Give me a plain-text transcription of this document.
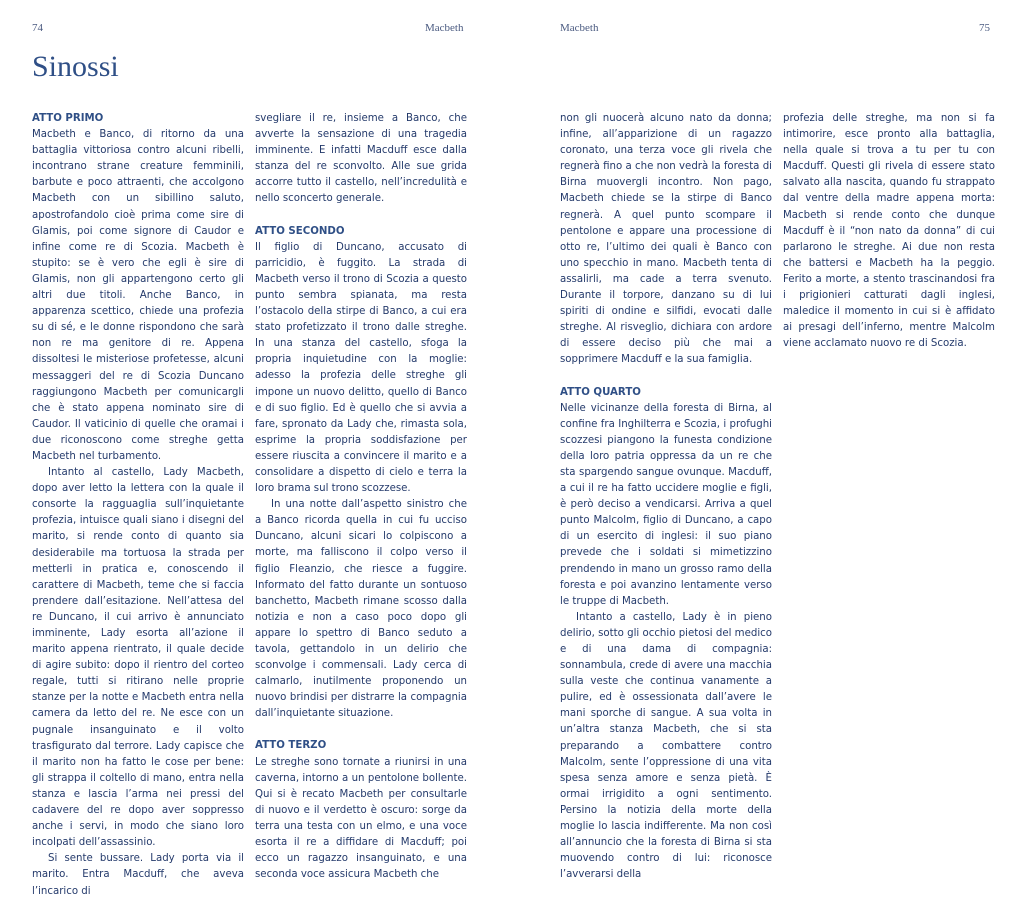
74	Macbeth	Macbeth	75
Sinossi
ATTO PRIMO

Macbeth e Banco, di ritorno da una battaglia vittoriosa contro alcuni ribelli, incontrano strane creature femminili, barbute e poco attraenti, che accolgono Macbeth con un sibillino saluto, apostrofandolo cioè prima come sire di Glamis, poi come signore di Caudor e infine come re di Scozia. Macbeth è stupito: se è vero che egli è sire di Glamis, non gli appartengono certo gli altri due titoli. Anche Banco, in apparenza scettico, chiede una profezia su di sé, e le donne rispondono che sarà non re ma genitore di re. Appena dissoltesi le misteriose profetesse, alcuni messaggeri del re di Scozia Duncano raggiungono Macbeth per comunicargli che è stato appena nominato sire di Caudor. Il vaticinio di quelle che oramai i due riconoscono come streghe getta Macbeth nel turbamento.

Intanto al castello, Lady Macbeth, dopo aver letto la lettera con la quale il consorte la ragguaglia sull’inquietante profezia, intuisce quali siano i disegni del marito, si rende conto di quanto sia desiderabile ma tortuosa la strada per metterli in pratica e, conoscendo il carattere di Macbeth, teme che si faccia prendere dall’esitazione. Nell’attesa del re Duncano, il cui arrivo è annunciato imminente, Lady esorta all’azione il marito appena rientrato, il quale decide di agire subito: dopo il rientro del corteo regale, tutti si ritirano nelle proprie stanze per la notte e Macbeth entra nella camera da letto del re. Ne esce con un pugnale insanguinato e il volto trasfigurato dal terrore. Lady capisce che il marito non ha fatto le cose per bene: gli strappa il coltello di mano, entra nella stanza e lascia l’arma nei pressi del cadavere del re dopo aver soppresso anche i servi, in modo che siano loro incolpati dell’assassinio.

Si sente bussare. Lady porta via il marito. Entra Macduff, che aveva l’incarico di

svegliare il re, insieme a Banco, che avverte la sensazione di una tragedia imminente. E infatti Macduff esce dalla stanza del re sconvolto. Alle sue grida accorre tutto il castello, nell’incredulità e nello sconcerto generale.

ATTO SECONDO

Il figlio di Duncano, accusato di parricidio, è fuggito. La strada di Macbeth verso il trono di Scozia a questo punto sembra spianata, ma resta l’ostacolo della stirpe di Banco, a cui era stato profetizzato il trono dalle streghe. In una stanza del castello, sfoga la propria inquietudine con la moglie: adesso la profezia delle streghe gli impone un nuovo delitto, quello di Banco e di suo figlio. Ed è quello che si avvia a fare, spronato da Lady che, rimasta sola, esprime la propria soddisfazione per essere riuscita a convincere il marito e a consolidare a dispetto di cielo e terra la loro brama sul trono scozzese.

In una notte dall’aspetto sinistro che a Banco ricorda quella in cui fu ucciso Duncano, alcuni sicari lo colpiscono a morte, ma falliscono il colpo verso il figlio Fleanzio, che riesce a fuggire. Informato del fatto durante un sontuoso banchetto, Macbeth rimane scosso dalla notizia e non a caso poco dopo gli appare lo spettro di Banco seduto a tavola, gettandolo in un delirio che sconvolge i commensali. Lady cerca di calmarlo, inutilmente proponendo un nuovo brindisi per distrarre la compagnia dall’inquietante situazione.

ATTO TERZO

Le streghe sono tornate a riunirsi in una caverna, intorno a un pentolone bollente. Qui si è recato Macbeth per consultarle di nuovo e il verdetto è oscuro: sorge da terra una testa con un elmo, e una voce esorta il re a diffidare di Macduff; poi ecco un ragazzo insanguinato, e una seconda voce assicura Macbeth che

non gli nuocerà alcuno nato da donna; infine, all’apparizione di un ragazzo coronato, una terza voce gli rivela che regnerà fino a che non vedrà la foresta di Birna muovergli incontro. Non pago, Macbeth chiede se la stirpe di Banco regnerà. A quel punto scompare il pentolone e appare una processione di otto re, l’ultimo dei quali è Banco con uno specchio in mano. Macbeth tenta di assalirli, ma cade a terra svenuto. Durante il torpore, danzano su di lui spiriti di ondine e silfidi, evocati dalle streghe. Al risveglio, dichiara con ardore di essere deciso più che mai a sopprimere Macduff e la sua famiglia.

ATTO QUARTO

Nelle vicinanze della foresta di Birna, al confine fra Inghilterra e Scozia, i profughi scozzesi piangono la funesta condizione della loro patria oppressa da un re che sta spargendo sangue ovunque. Macduff, a cui il re ha fatto uccidere moglie e figli, è però deciso a vendicarsi. Arriva a quel punto Malcolm, figlio di Duncano, a capo di un esercito di inglesi: il suo piano prevede che i soldati si mimetizzino prendendo in mano un grosso ramo della foresta e poi avanzino lentamente verso le truppe di Macbeth.

Intanto a castello, Lady è in pieno delirio, sotto gli occhio pietosi del medico e di una dama di compagnia: sonnambula, crede di avere una macchia sulla veste che continua vanamente a pulire, ed è ossessionata dall’avere le mani sporche di sangue. A sua volta in un’altra stanza Macbeth, che si sta preparando a combattere contro Malcolm, sente l’oppressione di una vita spesa senza amore e senza pietà. È ormai irrigidito a ogni sentimento. Persino la notizia della morte della moglie lo lascia indifferente. Ma non così all’annuncio che la foresta di Birna si sta muovendo contro di lui: riconosce l’avverarsi della

profezia delle streghe, ma non si fa intimorire, esce pronto alla battaglia, nella quale si trova a tu per tu con Macduff. Questi gli rivela di essere stato salvato alla nascita, quando fu strappato dal ventre della madre appena morta: Macbeth si rende conto che dunque Macduff è il “non nato da donna” di cui parlarono le streghe. Ai due non resta che battersi e Macbeth ha la peggio. Ferito a morte, a stento trascinandosi fra i prigionieri catturati dagli inglesi, maledice il momento in cui si è affidato ai presagi dell’inferno, mentre Malcolm viene acclamato nuovo re di Scozia.
